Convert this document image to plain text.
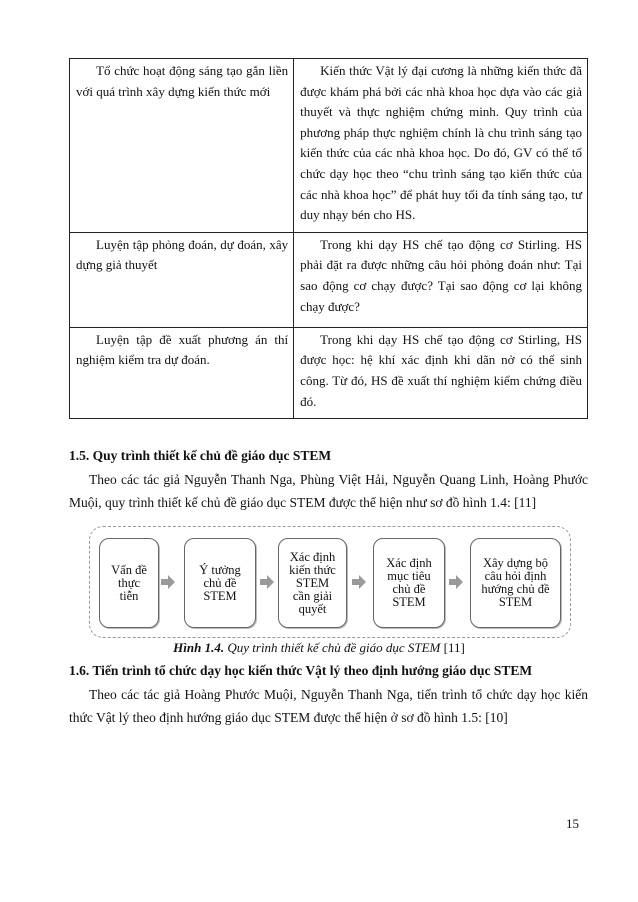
Tổ chức hoạt động sáng tạo gắn liền với quá trình xây dựng kiến thức mới	Kiến thức Vật lý đại cương là những kiến thức đã được khám phá bởi các nhà khoa học dựa vào các giả thuyết và thực nghiệm chứng minh. Quy trình của phương pháp thực nghiệm chính là chu trình sáng tạo kiến thức của các nhà khoa học. Do đó, GV có thể tổ chức dạy học theo “chu trình sáng tạo kiến thức của các nhà khoa học” để phát huy tối đa tính sáng tạo, tư duy nhạy bén cho HS.

Luyện tập phỏng đoán, dự đoán, xây dựng giả thuyết	Trong khi dạy HS chế tạo động cơ Stirling. HS phải đặt ra được những câu hỏi phỏng đoán như: Tại sao động cơ chạy được? Tại sao động cơ lại không chạy được?

Luyện tập đề xuất phương án thí nghiệm kiểm tra dự đoán.	Trong khi dạy HS chế tạo động cơ Stirling, HS được học: hệ khí xác định khi dãn nở có thể sinh công. Từ đó, HS đề xuất thí nghiệm kiểm chứng điều đó.

1.5. Quy trình thiết kế chủ đề giáo dục STEM

Theo các tác giả Nguyễn Thanh Nga, Phùng Việt Hải, Nguyễn Quang Linh, Hoàng Phước Muội, quy trình thiết kế chủ đề giáo dục STEM được thể hiện như sơ đồ hình 1.4: [11]

Vấn đề
thực
tiễn
Ý tưởng
chủ đề
STEM
Xác định
kiến thức
STEM
cần giải
quyết
Xác định
mục tiêu
chủ đề
STEM
Xây dựng bộ
câu hỏi định
hướng chủ đề
STEM
Hình 1.4. Quy trình thiết kế chủ đề giáo dục STEM [11]
1.6. Tiến trình tổ chức dạy học kiến thức Vật lý theo định hướng giáo dục STEM

Theo các tác giả Hoàng Phước Muội, Nguyễn Thanh Nga, tiến trình tổ chức dạy học kiến thức Vật lý theo định hướng giáo dục STEM được thể hiện ở sơ đồ hình 1.5: [10]

15
